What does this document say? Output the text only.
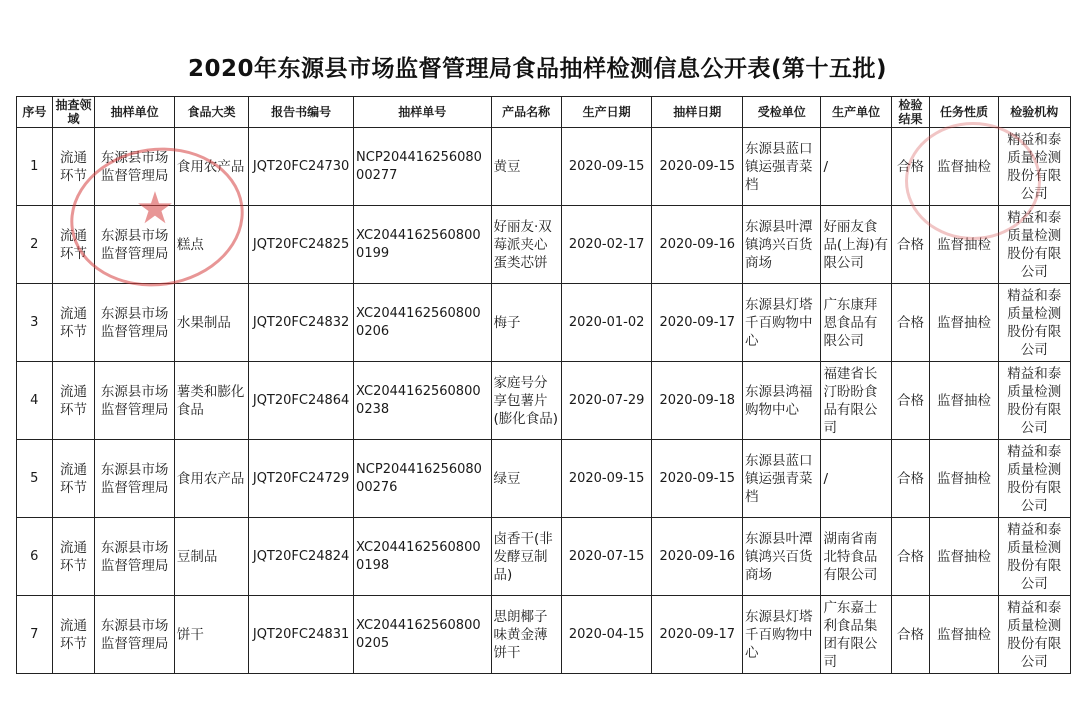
2020年东源县市场监督管理局食品抽样检测信息公开表(第十五批)
序号	抽查领域	抽样单位	食品大类	报告书编号	抽样单号	产品名称	生产日期	抽样日期	受检单位	生产单位	检验结果	任务性质	检验机构
1	流通环节	东源县市场监督管理局	食用农产品	JQT20FC24730	NCP20441625608000277	黄豆	2020-09-15	2020-09-15	东源县蓝口镇运强青菜档	/	合格	监督抽检	精益和泰质量检测股份有限公司
2	流通环节	东源县市场监督管理局	糕点	JQT20FC24825	XC20441625608000199	好丽友·双莓派夹心蛋类芯饼	2020-02-17	2020-09-16	东源县叶潭镇鸿兴百货商场	好丽友食品(上海)有限公司	合格	监督抽检	精益和泰质量检测股份有限公司
3	流通环节	东源县市场监督管理局	水果制品	JQT20FC24832	XC20441625608000206	梅子	2020-01-02	2020-09-17	东源县灯塔千百购物中心	广东康拜恩食品有限公司	合格	监督抽检	精益和泰质量检测股份有限公司
4	流通环节	东源县市场监督管理局	薯类和膨化食品	JQT20FC24864	XC20441625608000238	家庭号分享包薯片(膨化食品)	2020-07-29	2020-09-18	东源县鸿福购物中心	福建省长汀盼盼食品有限公司	合格	监督抽检	精益和泰质量检测股份有限公司
5	流通环节	东源县市场监督管理局	食用农产品	JQT20FC24729	NCP20441625608000276	绿豆	2020-09-15	2020-09-15	东源县蓝口镇运强青菜档	/	合格	监督抽检	精益和泰质量检测股份有限公司
6	流通环节	东源县市场监督管理局	豆制品	JQT20FC24824	XC20441625608000198	卤香干(非发酵豆制品)	2020-07-15	2020-09-16	东源县叶潭镇鸿兴百货商场	湖南省南北特食品有限公司	合格	监督抽检	精益和泰质量检测股份有限公司
7	流通环节	东源县市场监督管理局	饼干	JQT20FC24831	XC20441625608000205	思朗椰子味黄金薄饼干	2020-04-15	2020-09-17	东源县灯塔千百购物中心	广东嘉士利食品集团有限公司	合格	监督抽检	精益和泰质量检测股份有限公司
★
